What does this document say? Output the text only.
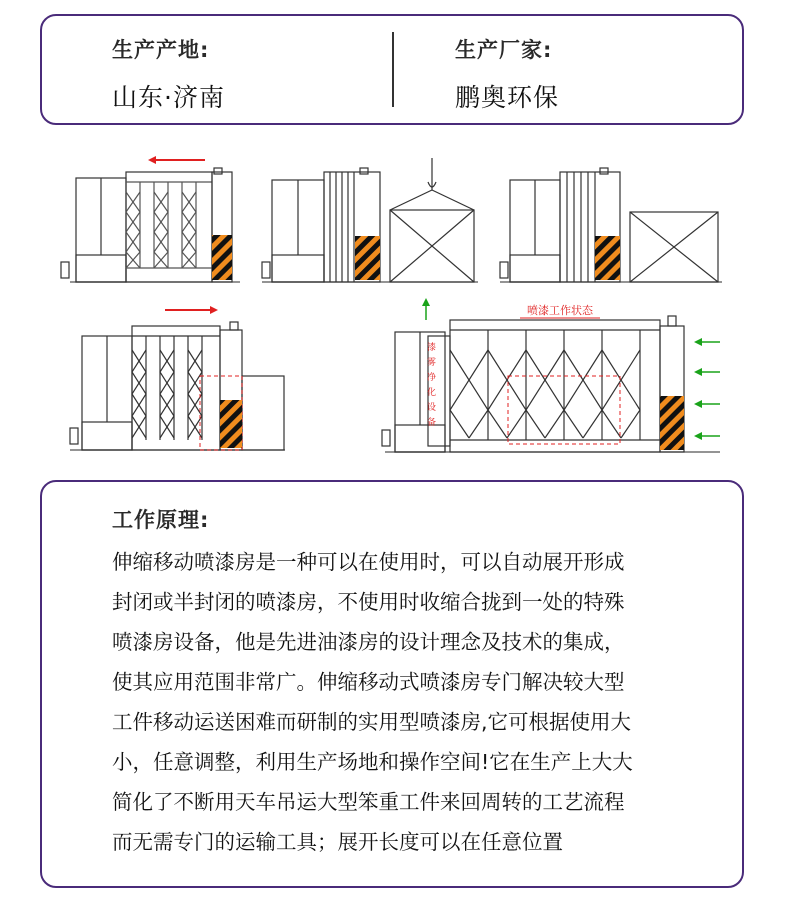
生产产地:
山东·济南
生产厂家:
鹏奥环保
喷漆工作状态
漆雾净化设备
工作原理:
伸缩移动喷漆房是一种可以在使用时，可以自动展开形成
封闭或半封闭的喷漆房，不使用时收缩合拢到一处的特殊
喷漆房设备，他是先进油漆房的设计理念及技术的集成，
使其应用范围非常广。伸缩移动式喷漆房专门解决较大型
工件移动运送困难而研制的实用型喷漆房,它可根据使用大
小，任意调整，利用生产场地和操作空间!它在生产上大大
简化了不断用天车吊运大型笨重工件来回周转的工艺流程
而无需专门的运输工具；展开长度可以在任意位置
